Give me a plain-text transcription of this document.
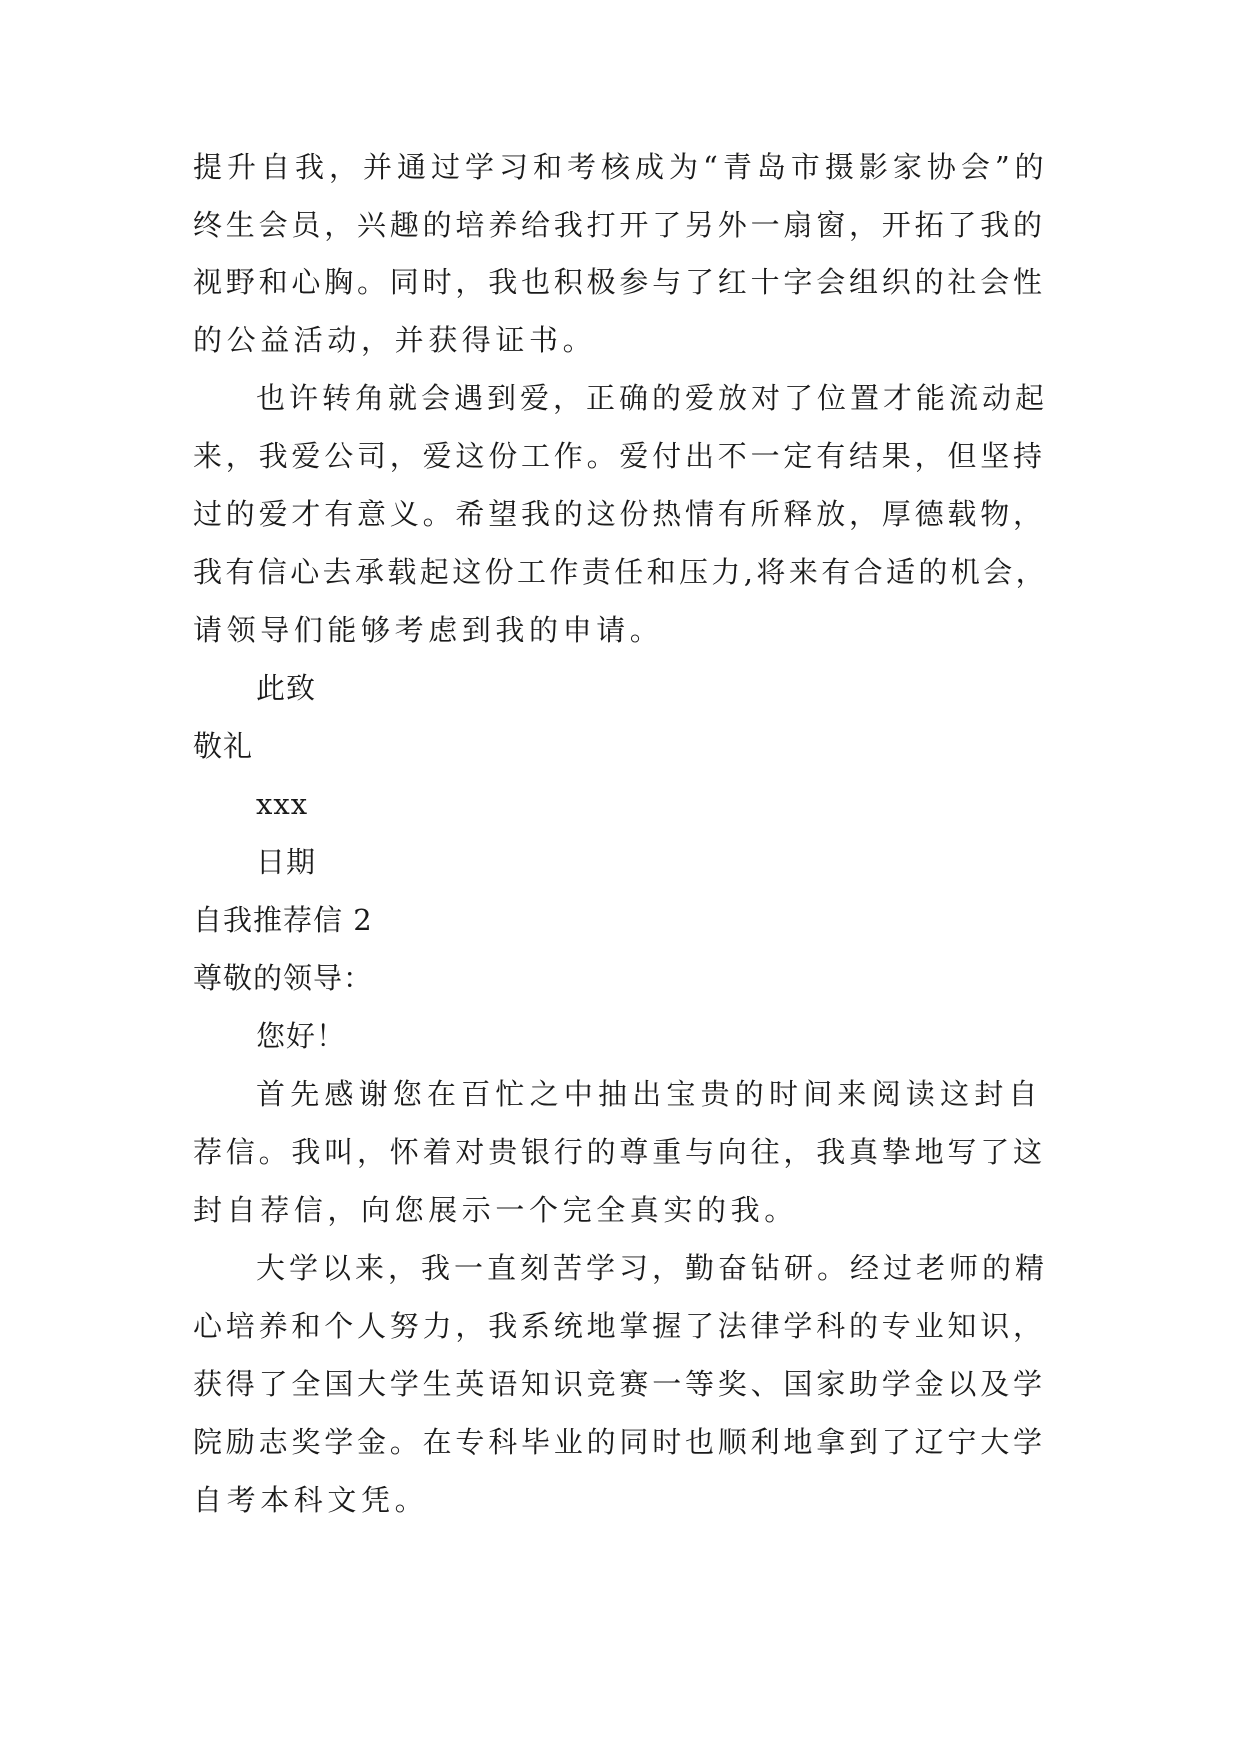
提升自我，并通过学习和考核成为“青岛市摄影家协会”的
终生会员，兴趣的培养给我打开了另外一扇窗，开拓了我的
视野和心胸。同时，我也积极参与了红十字会组织的社会性
的公益活动，并获得证书。
也许转角就会遇到爱，正确的爱放对了位置才能流动起
来，我爱公司，爱这份工作。爱付出不一定有结果，但坚持
过的爱才有意义。希望我的这份热情有所释放，厚德载物，
我有信心去承载起这份工作责任和压力,将来有合适的机会，
请领导们能够考虑到我的申请。
此致
敬礼
xxx
日期
自我推荐信 2
尊敬的领导：
您好！
首先感谢您在百忙之中抽出宝贵的时间来阅读这封自
荐信。我叫，怀着对贵银行的尊重与向往，我真挚地写了这
封自荐信，向您展示一个完全真实的我。
大学以来，我一直刻苦学习，勤奋钻研。经过老师的精
心培养和个人努力，我系统地掌握了法律学科的专业知识，
获得了全国大学生英语知识竞赛一等奖、国家助学金以及学
院励志奖学金。在专科毕业的同时也顺利地拿到了辽宁大学
自考本科文凭。
